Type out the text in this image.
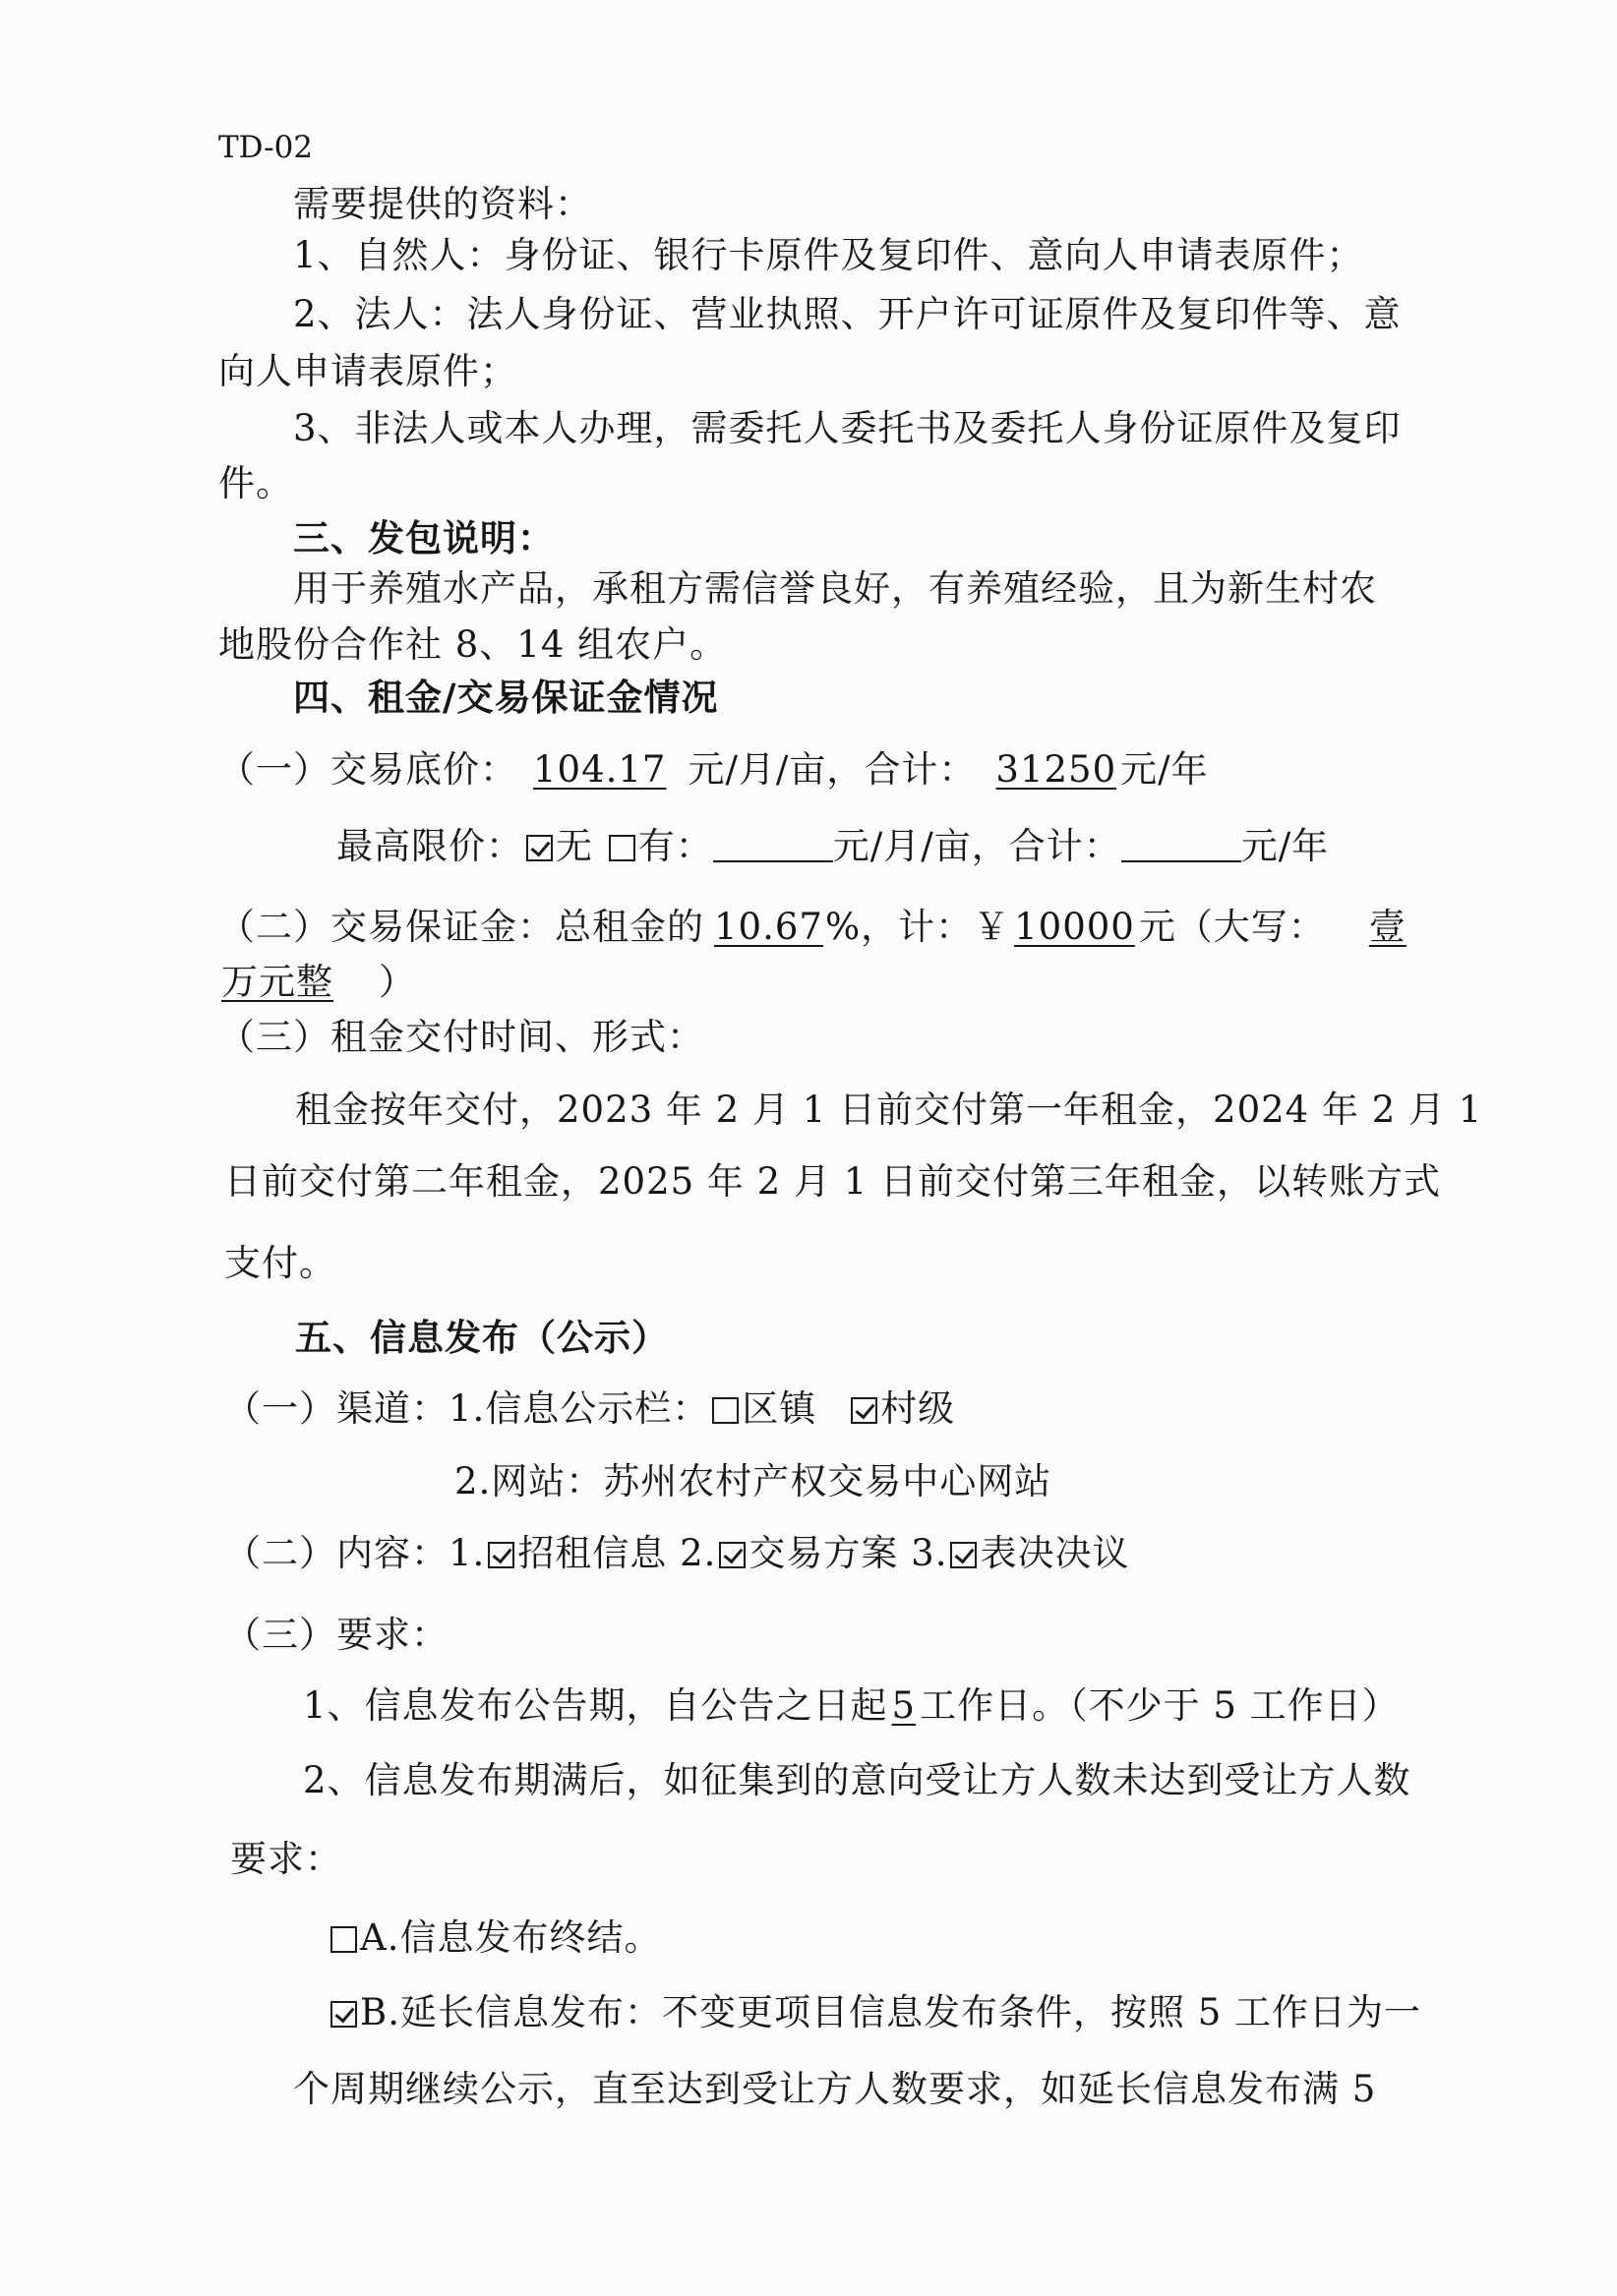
TD-02
需要提供的资料：
1、自然人：身份证、银行卡原件及复印件、意向人申请表原件；
2、法人：法人身份证、营业执照、开户许可证原件及复印件等、意
向人申请表原件；
3、非法人或本人办理，需委托人委托书及委托人身份证原件及复印
件。
三、发包说明：
用于养殖水产品，承租方需信誉良好，有养殖经验，且为新生村农
地股份合作社 8、14 组农户。
四、租金/交易保证金情况
（一）交易底价： 104.17 元/月/亩，合计： 31250 元/年
最高限价： 无 有：	元/月/亩，合计：	元/年
（二）交易保证金：总租金的 10.67%，计：￥ 10000 元（大写： 壹
万元整 ）
（三）租金交付时间、形式：
租金按年交付，2023 年 2 月 1 日前交付第一年租金，2024 年 2 月 1
日前交付第二年租金，2025 年 2 月 1 日前交付第三年租金，以转账方式
支付。
五、信息发布（公示）
（一）渠道：1.信息公示栏： 区镇 村级
2.网站：苏州农村产权交易中心网站
（二）内容：1. 招租信息 2. 交易方案 3. 表决决议
（三）要求：
1、信息发布公告期，自公告之日起 5 工作日。（不少于 5 工作日）
2、信息发布期满后，如征集到的意向受让方人数未达到受让方人数
要求：
A.信息发布终结。
B.延长信息发布：不变更项目信息发布条件，按照 5 工作日为一
个周期继续公示，直至达到受让方人数要求，如延长信息发布满 5
